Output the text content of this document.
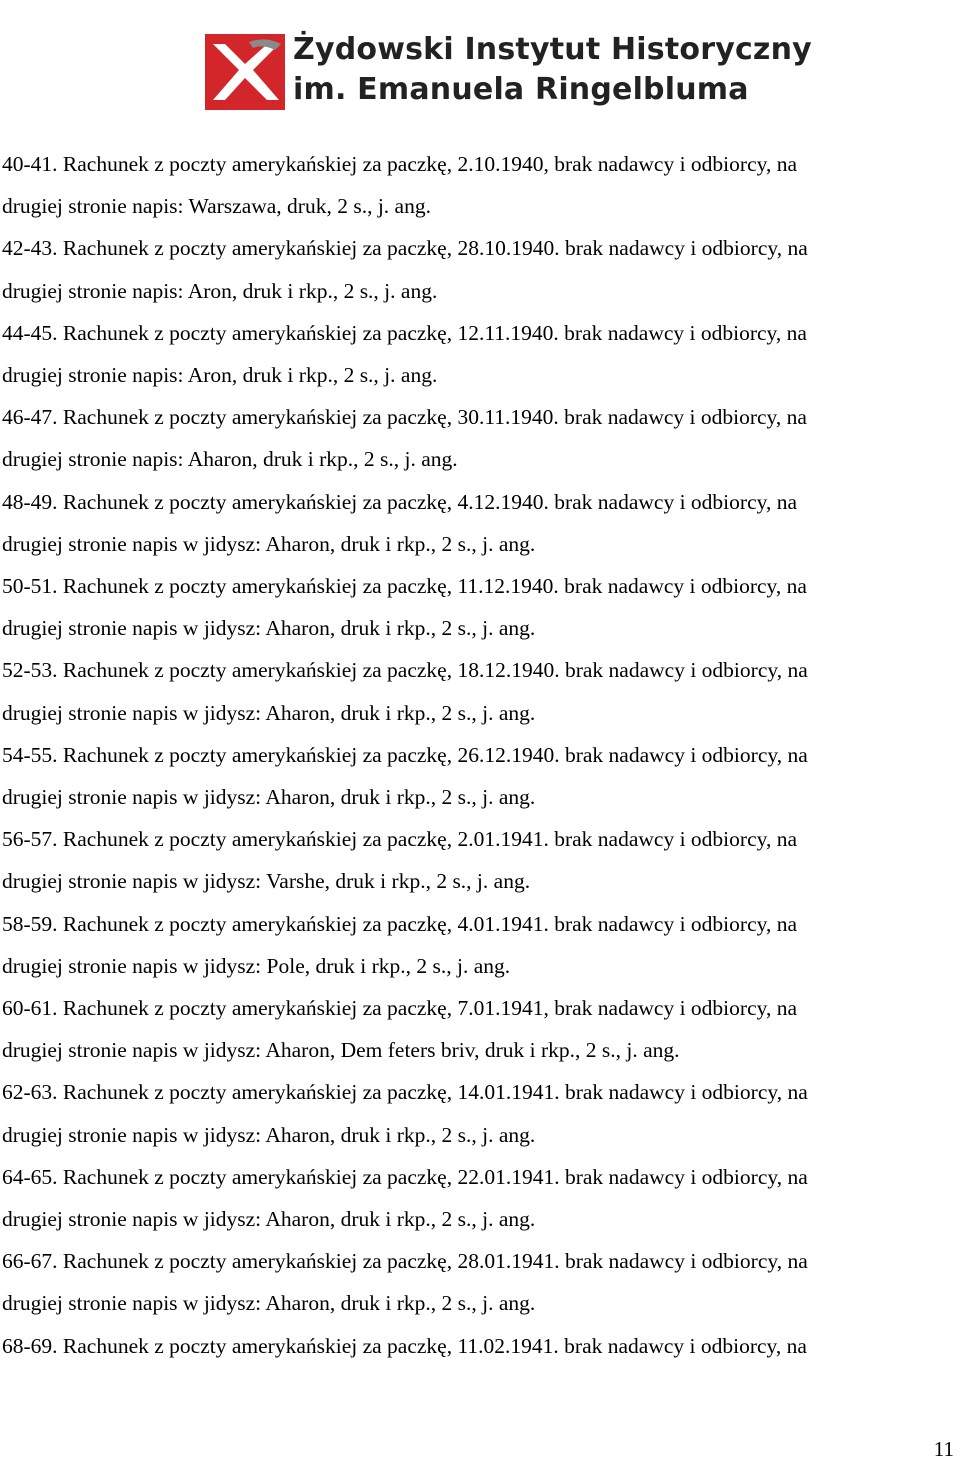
Żydowski Instytut Historyczny
im. Emanuela Ringelbluma

40-41. Rachunek z poczty amerykańskiej za paczkę, 2.10.1940, brak nadawcy i odbiorcy, na

drugiej stronie napis: Warszawa, druk, 2 s., j. ang.

42-43. Rachunek z poczty amerykańskiej za paczkę, 28.10.1940. brak nadawcy i odbiorcy, na

drugiej stronie napis: Aron, druk i rkp., 2 s., j. ang.

44-45. Rachunek z poczty amerykańskiej za paczkę, 12.11.1940. brak nadawcy i odbiorcy, na

drugiej stronie napis: Aron, druk i rkp., 2 s., j. ang.

46-47. Rachunek z poczty amerykańskiej za paczkę, 30.11.1940. brak nadawcy i odbiorcy, na

drugiej stronie napis: Aharon, druk i rkp., 2 s., j. ang.

48-49. Rachunek z poczty amerykańskiej za paczkę, 4.12.1940. brak nadawcy i odbiorcy, na

drugiej stronie napis w jidysz: Aharon, druk i rkp., 2 s., j. ang.

50-51. Rachunek z poczty amerykańskiej za paczkę, 11.12.1940. brak nadawcy i odbiorcy, na

drugiej stronie napis w jidysz: Aharon, druk i rkp., 2 s., j. ang.

52-53. Rachunek z poczty amerykańskiej za paczkę, 18.12.1940. brak nadawcy i odbiorcy, na

drugiej stronie napis w jidysz: Aharon, druk i rkp., 2 s., j. ang.

54-55. Rachunek z poczty amerykańskiej za paczkę, 26.12.1940. brak nadawcy i odbiorcy, na

drugiej stronie napis w jidysz: Aharon, druk i rkp., 2 s., j. ang.

56-57. Rachunek z poczty amerykańskiej za paczkę, 2.01.1941. brak nadawcy i odbiorcy, na

drugiej stronie napis w jidysz: Varshe, druk i rkp., 2 s., j. ang.

58-59. Rachunek z poczty amerykańskiej za paczkę, 4.01.1941. brak nadawcy i odbiorcy, na

drugiej stronie napis w jidysz: Pole, druk i rkp., 2 s., j. ang.

60-61. Rachunek z poczty amerykańskiej za paczkę, 7.01.1941, brak nadawcy i odbiorcy, na

drugiej stronie napis w jidysz: Aharon, Dem feters briv, druk i rkp., 2 s., j. ang.

62-63. Rachunek z poczty amerykańskiej za paczkę, 14.01.1941. brak nadawcy i odbiorcy, na

drugiej stronie napis w jidysz: Aharon, druk i rkp., 2 s., j. ang.

64-65. Rachunek z poczty amerykańskiej za paczkę, 22.01.1941. brak nadawcy i odbiorcy, na

drugiej stronie napis w jidysz: Aharon, druk i rkp., 2 s., j. ang.

66-67. Rachunek z poczty amerykańskiej za paczkę, 28.01.1941. brak nadawcy i odbiorcy, na

drugiej stronie napis w jidysz: Aharon, druk i rkp., 2 s., j. ang.

68-69. Rachunek z poczty amerykańskiej za paczkę, 11.02.1941. brak nadawcy i odbiorcy, na

11
